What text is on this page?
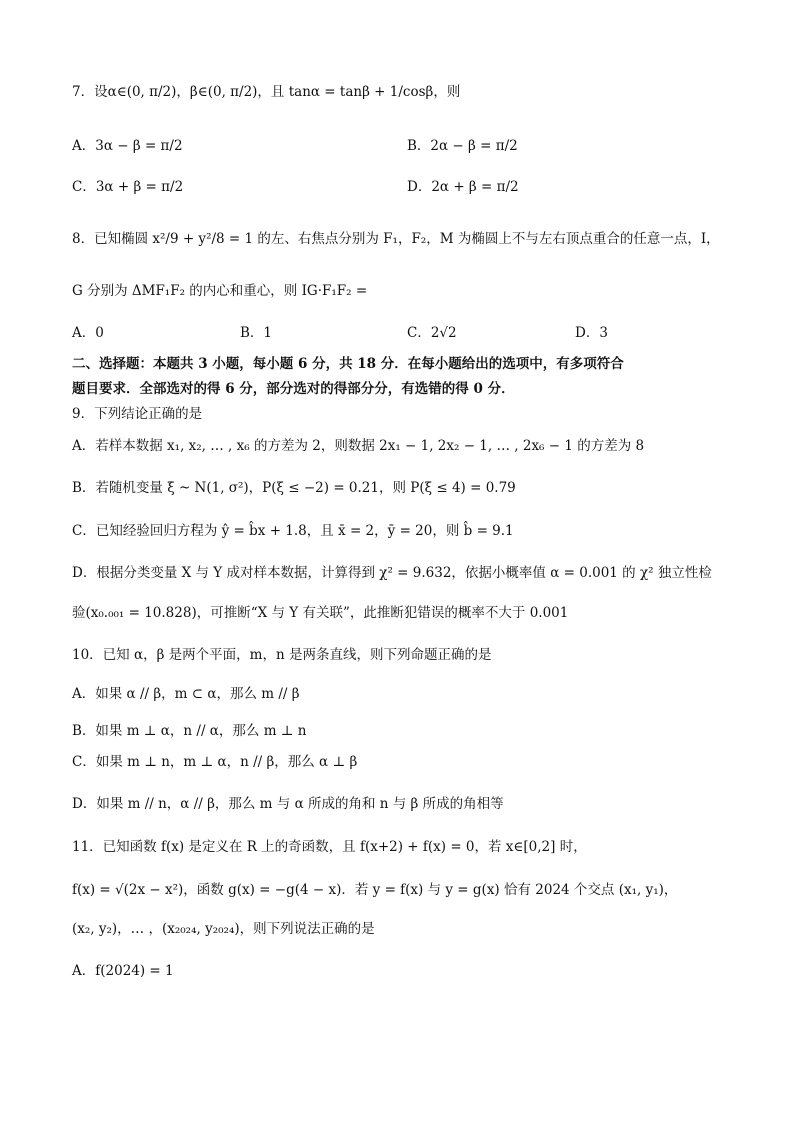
7．设α∈(0, π/2)，β∈(0, π/2)，且 tanα = tanβ + 1/cosβ，则
A．3α − β = π/2	B．2α − β = π/2
C．3α + β = π/2	D．2α + β = π/2
8．已知椭圆 x²/9 + y²/8 = 1 的左、右焦点分别为 F₁，F₂，M 为椭圆上不与左右顶点重合的任意一点，I，
G 分别为 ΔMF₁F₂ 的内心和重心，则 IG·F₁F₂ =
A．0	B．1	C．2√2	D．3
二、选择题：本题共 3 小题，每小题 6 分，共 18 分．在每小题给出的选项中，有多项符合
题目要求．全部选对的得 6 分，部分选对的得部分分，有选错的得 0 分．
9．下列结论正确的是
A．若样本数据 x₁, x₂, … , x₆ 的方差为 2，则数据 2x₁ − 1, 2x₂ − 1, … , 2x₆ − 1 的方差为 8
B．若随机变量 ξ ~ N(1, σ²)，P(ξ ≤ −2) = 0.21，则 P(ξ ≤ 4) = 0.79
C．已知经验回归方程为 ŷ = b̂x + 1.8，且 x̄ = 2，ȳ = 20，则 b̂ = 9.1
D．根据分类变量 X 与 Y 成对样本数据，计算得到 χ² = 9.632，依据小概率值 α = 0.001 的 χ² 独立性检
验(x₀.₀₀₁ = 10.828)，可推断“X 与 Y 有关联”，此推断犯错误的概率不大于 0.001
10．已知 α，β 是两个平面，m，n 是两条直线，则下列命题正确的是
A．如果 α // β，m ⊂ α，那么 m // β
B．如果 m ⊥ α，n // α，那么 m ⊥ n
C．如果 m ⊥ n，m ⊥ α，n // β，那么 α ⊥ β
D．如果 m // n，α // β，那么 m 与 α 所成的角和 n 与 β 所成的角相等
11．已知函数 f(x) 是定义在 R 上的奇函数，且 f(x+2) + f(x) = 0，若 x∈[0,2] 时，
f(x) = √(2x − x²)，函数 g(x) = −g(4 − x)．若 y = f(x) 与 y = g(x) 恰有 2024 个交点 (x₁, y₁)，
(x₂, y₂)，… ，(x₂₀₂₄, y₂₀₂₄)，则下列说法正确的是
A．f(2024) = 1
